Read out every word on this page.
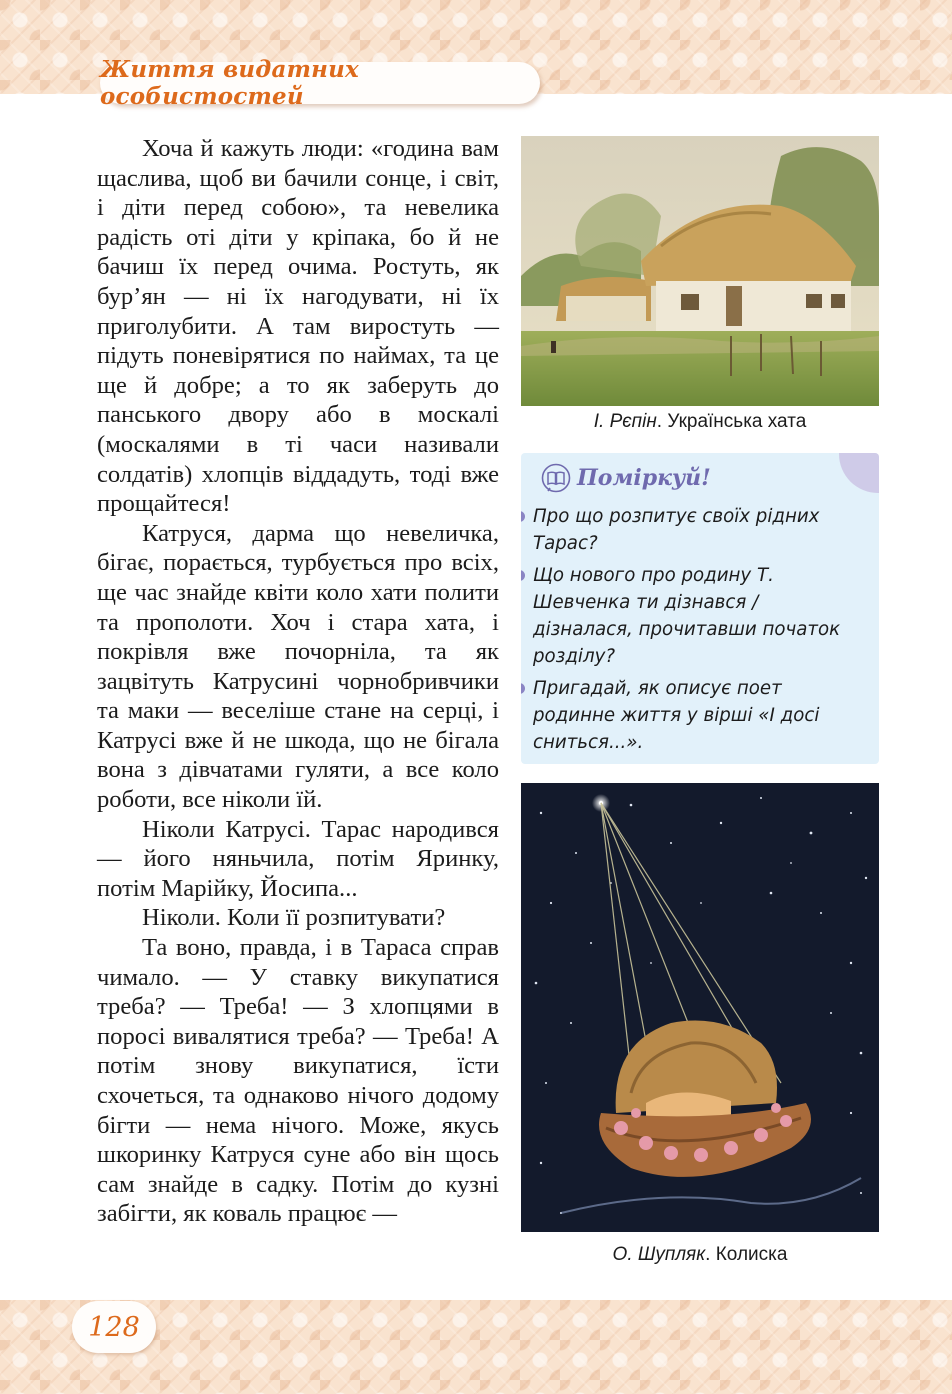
Життя видатних особистостей

Хоча й кажуть люди: «година вам щаслива, щоб ви бачили сонце, і світ, і діти перед собою», та невелика радість оті діти у кріпака, бо й не бачиш їх перед очима. Ростуть, як бур’ян — ні їх нагодувати, ні їх приголубити. А там виростуть — підуть поневірятися по наймах, та це ще й добре; а то як заберуть до панського двору або в москалі (москалями в ті часи називали солдатів) хлопців віддадуть, тоді вже прощайтеся!

Катруся, дарма що невеличка, бігає, порається, турбується про всіх, ще час знайде квіти коло хати полити та прополоти. Хоч і стара хата, і покрівля вже почорніла, та як зацвітуть Катрусині чорнобривчики та маки — веселіше стане на серці, і Катрусі вже й не шкода, що не бігала вона з дівчатами гуляти, а все коло роботи, все ніколи їй.

Ніколи Катрусі. Тарас народився — його няньчила, потім Яринку, потім Марійку, Йосипа...

Ніколи. Коли її розпитувати?

Та воно, правда, і в Тараса справ чимало. — У ставку викупатися треба? — Треба! — З хлопцями в поросі вивалятися треба? — Треба! А потім знову викупатися, їсти схочеться, та однаково нічого додому бігти — нема нічого. Може, якусь шкоринку Катруся суне або він щось сам знайде в садку. Потім до кузні забігти, як коваль працює —

І. Рєпін. Українська хата
Поміркуй!
Про що розпитує своїх рідних Тарас?
Що нового про родину Т. Шевченка ти дізнався / дізналася, прочитавши початок розділу?
Пригадай, як описує поет родинне життя у вірші «І досі сниться...».
О. Шупляк. Колиска
128
